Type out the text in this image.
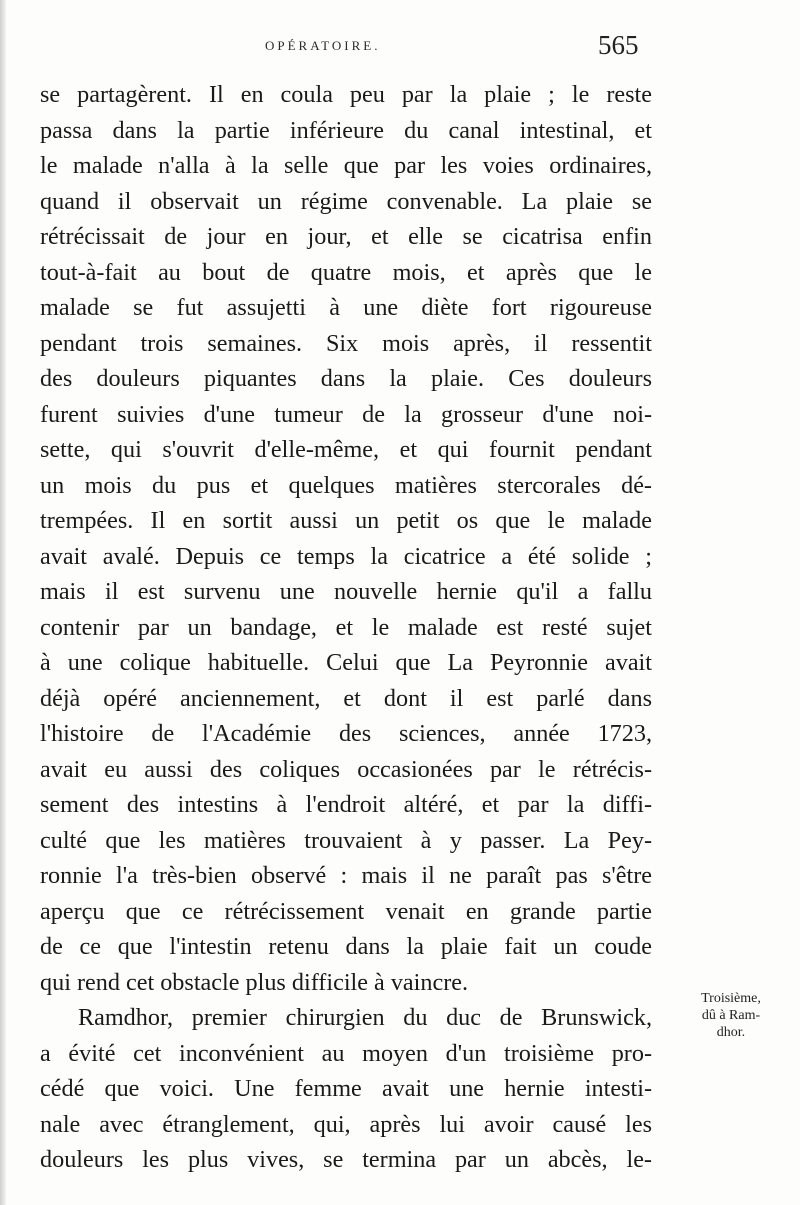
OPÉRATOIRE.	565
se partagèrent. Il en coula peu par la plaie ; le reste
passa dans la partie inférieure du canal intestinal, et
le malade n'alla à la selle que par les voies ordinaires,
quand il observait un régime convenable. La plaie se
rétrécissait de jour en jour, et elle se cicatrisa enfin
tout-à-fait au bout de quatre mois, et après que le
malade se fut assujetti à une diète fort rigoureuse
pendant trois semaines. Six mois après, il ressentit
des douleurs piquantes dans la plaie. Ces douleurs
furent suivies d'une tumeur de la grosseur d'une noi-
sette, qui s'ouvrit d'elle-même, et qui fournit pendant
un mois du pus et quelques matières stercorales dé-
trempées. Il en sortit aussi un petit os que le malade
avait avalé. Depuis ce temps la cicatrice a été solide ;
mais il est survenu une nouvelle hernie qu'il a fallu
contenir par un bandage, et le malade est resté sujet
à une colique habituelle. Celui que La Peyronnie avait
déjà opéré anciennement, et dont il est parlé dans
l'histoire de l'Académie des sciences, année 1723,
avait eu aussi des coliques occasionées par le rétrécis-
sement des intestins à l'endroit altéré, et par la diffi-
culté que les matières trouvaient à y passer. La Pey-
ronnie l'a très-bien observé : mais il ne paraît pas s'être
aperçu que ce rétrécissement venait en grande partie
de ce que l'intestin retenu dans la plaie fait un coude
qui rend cet obstacle plus difficile à vaincre.
Ramdhor, premier chirurgien du duc de Brunswick,
a évité cet inconvénient au moyen d'un troisième pro-
cédé que voici. Une femme avait une hernie intesti-
nale avec étranglement, qui, après lui avoir causé les
douleurs les plus vives, se termina par un abcès, le-
Troisième,
dû à Ram-
dhor.
